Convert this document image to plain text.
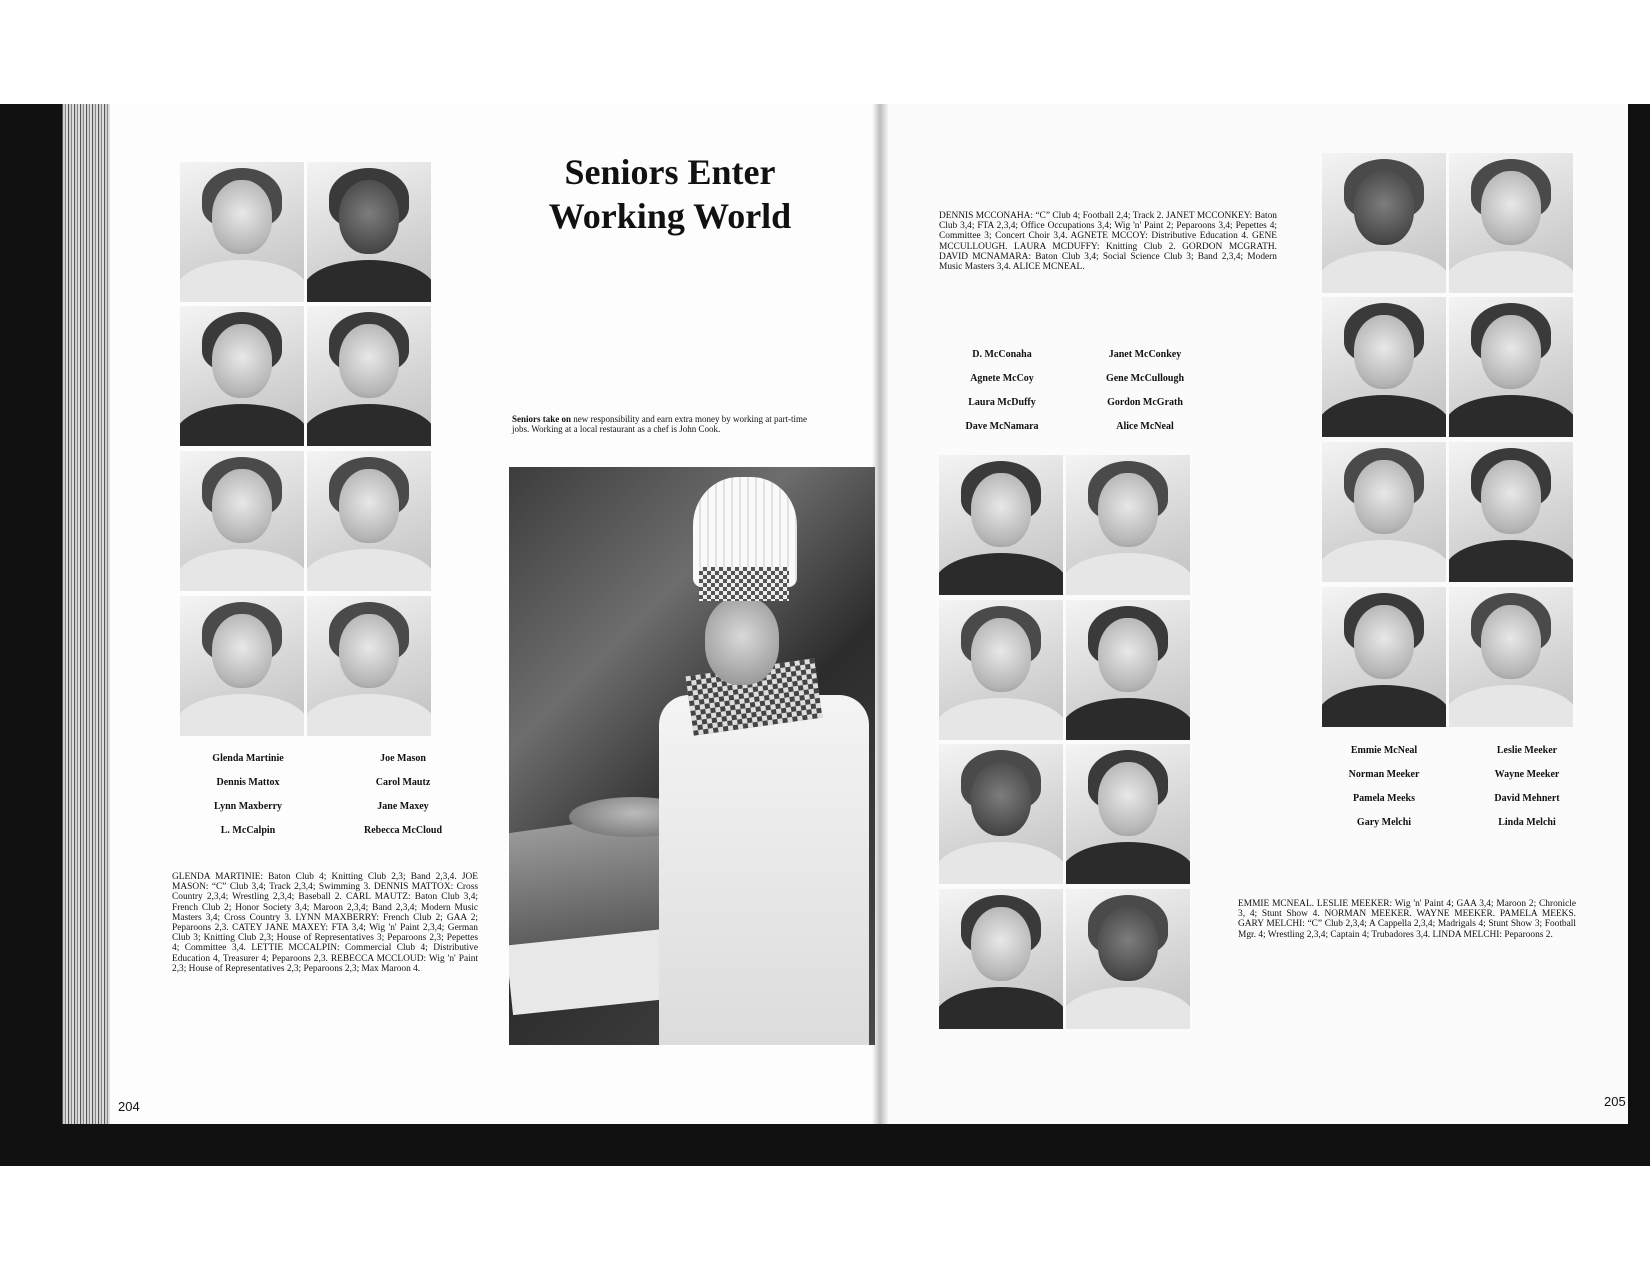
Seniors Enter
Working World

Seniors take on new responsibility and earn extra money by working at part-time jobs. Working at a local restaurant as a chef is John Cook.

Glenda Martinie	Joe Mason
Dennis Mattox	Carol Mautz
Lynn Maxberry	Jane Maxey
L. McCalpin	Rebecca McCloud

GLENDA MARTINIE: Baton Club 4; Knitting Club 2,3; Band 2,3,4. JOE MASON: “C” Club 3,4; Track 2,3,4; Swimming 3. DENNIS MATTOX: Cross Country 2,3,4; Wrestling 2,3,4; Baseball 2. CARL MAUTZ: Baton Club 3,4; French Club 2; Honor Society 3,4; Maroon 2,3,4; Band 2,3,4; Modern Music Masters 3,4; Cross Country 3. LYNN MAXBERRY: French Club 2; GAA 2; Peparoons 2,3. CATEY JANE MAXEY: FTA 3,4; Wig 'n' Paint 2,3,4; German Club 3; Knitting Club 2,3; House of Representatives 3; Peparoons 2,3; Pepettes 4; Committee 3,4. LETTIE MCCALPIN: Commercial Club 4; Distributive Education 4, Treasurer 4; Peparoons 2,3. REBECCA MCCLOUD: Wig 'n' Paint 2,3; House of Representatives 2,3; Peparoons 2,3; Max Maroon 4.

204

DENNIS MCCONAHA: “C” Club 4; Football 2,4; Track 2. JANET MCCONKEY: Baton Club 3,4; FTA 2,3,4; Office Occupations 3,4; Wig 'n' Paint 2; Peparoons 3,4; Pepettes 4; Committee 3; Concert Choir 3,4. AGNETE MCCOY: Distributive Education 4. GENE MCCULLOUGH. LAURA MCDUFFY: Knitting Club 2. GORDON MCGRATH. DAVID MCNAMARA: Baton Club 3,4; Social Science Club 3; Band 2,3,4; Modern Music Masters 3,4. ALICE MCNEAL.

D. McConaha	Janet McConkey
Agnete McCoy	Gene McCullough
Laura McDuffy	Gordon McGrath
Dave McNamara	Alice McNeal
Emmie McNeal	Leslie Meeker
Norman Meeker	Wayne Meeker
Pamela Meeks	David Mehnert
Gary Melchi	Linda Melchi

EMMIE MCNEAL. LESLIE MEEKER: Wig 'n' Paint 4; GAA 3,4; Maroon 2; Chronicle 3, 4; Stunt Show 4. NORMAN MEEKER. WAYNE MEEKER. PAMELA MEEKS. GARY MELCHI: “C” Club 2,3,4; A Cappella 2,3,4; Madrigals 4; Stunt Show 3; Football Mgr. 4; Wrestling 2,3,4; Captain 4; Trubadores 3,4. LINDA MELCHI: Peparoons 2.

205
